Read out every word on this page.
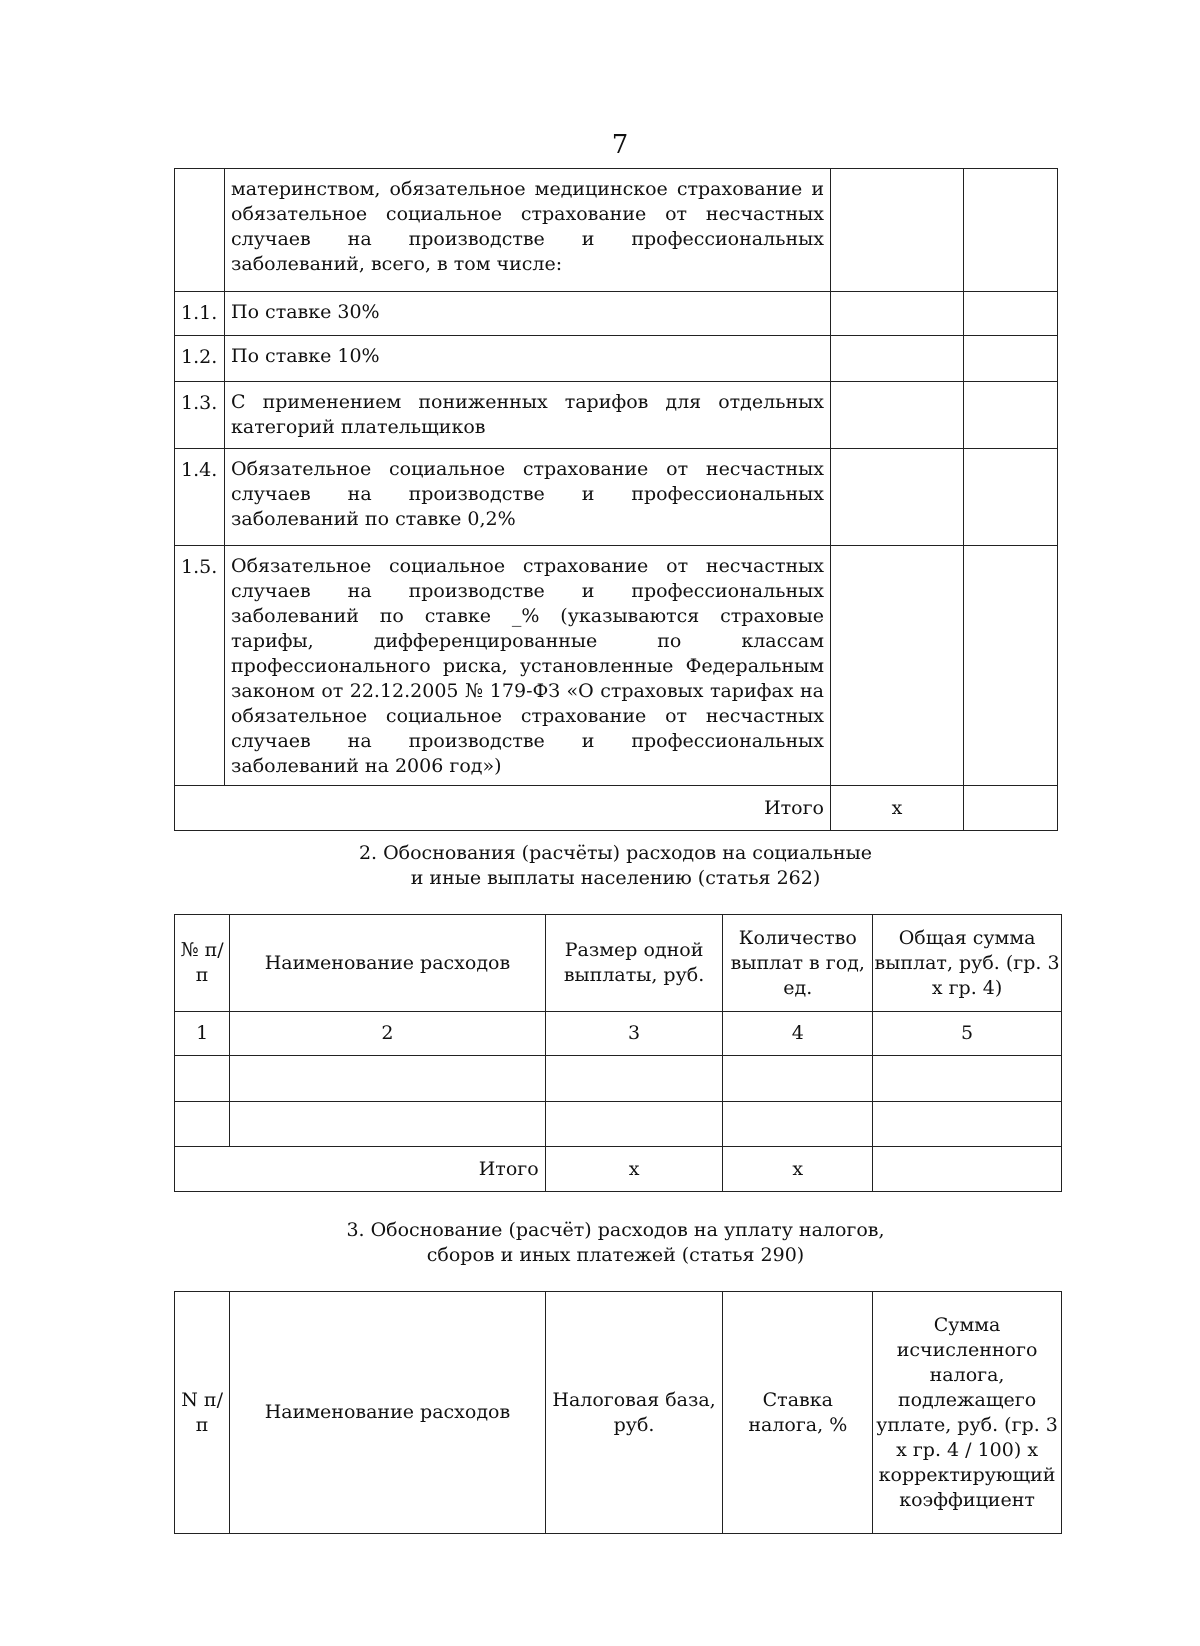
7
	материнством, обязательное медицинское страхование и обязательное социальное страхование от несчастных случаев на производстве и профессиональных заболеваний, всего, в том числе:		
1.1.	По ставке 30%		
1.2.	По ставке 10%		
1.3.	С применением пониженных тарифов для отдельных категорий плательщиков		
1.4.	Обязательное социальное страхование от несчастных случаев на производстве и профессиональных заболеваний по ставке 0,2%		
1.5.	Обязательное социальное страхование от несчастных случаев на производстве и профессиональных заболеваний по ставке _% (указываются страховые тарифы, дифференцированные по классам профессионального риска, установленные Федеральным законом от 22.12.2005 № 179-ФЗ «О страховых тарифах на обязательное социальное страхование от несчастных случаев на производстве и профессиональных заболеваний на 2006 год»)		
Итого		x	
2. Обоснования (расчёты) расходов на социальные
и иные выплаты населению (статья 262)
№ п/п	Наименование расходов	Размер одной выплаты, руб.	Количество выплат в год, ед.	Общая сумма выплат, руб. (гр. 3 х гр. 4)
1	2	3	4	5

Итого		х	х	
3. Обоснование (расчёт) расходов на уплату налогов,
сборов и иных платежей (статья 290)
N п/п	Наименование расходов	Налоговая база, руб.	Ставка налога, %	Сумма исчисленного налога, подлежащего уплате, руб. (гр. 3 х гр. 4 / 100) х корректирующий коэффициент
